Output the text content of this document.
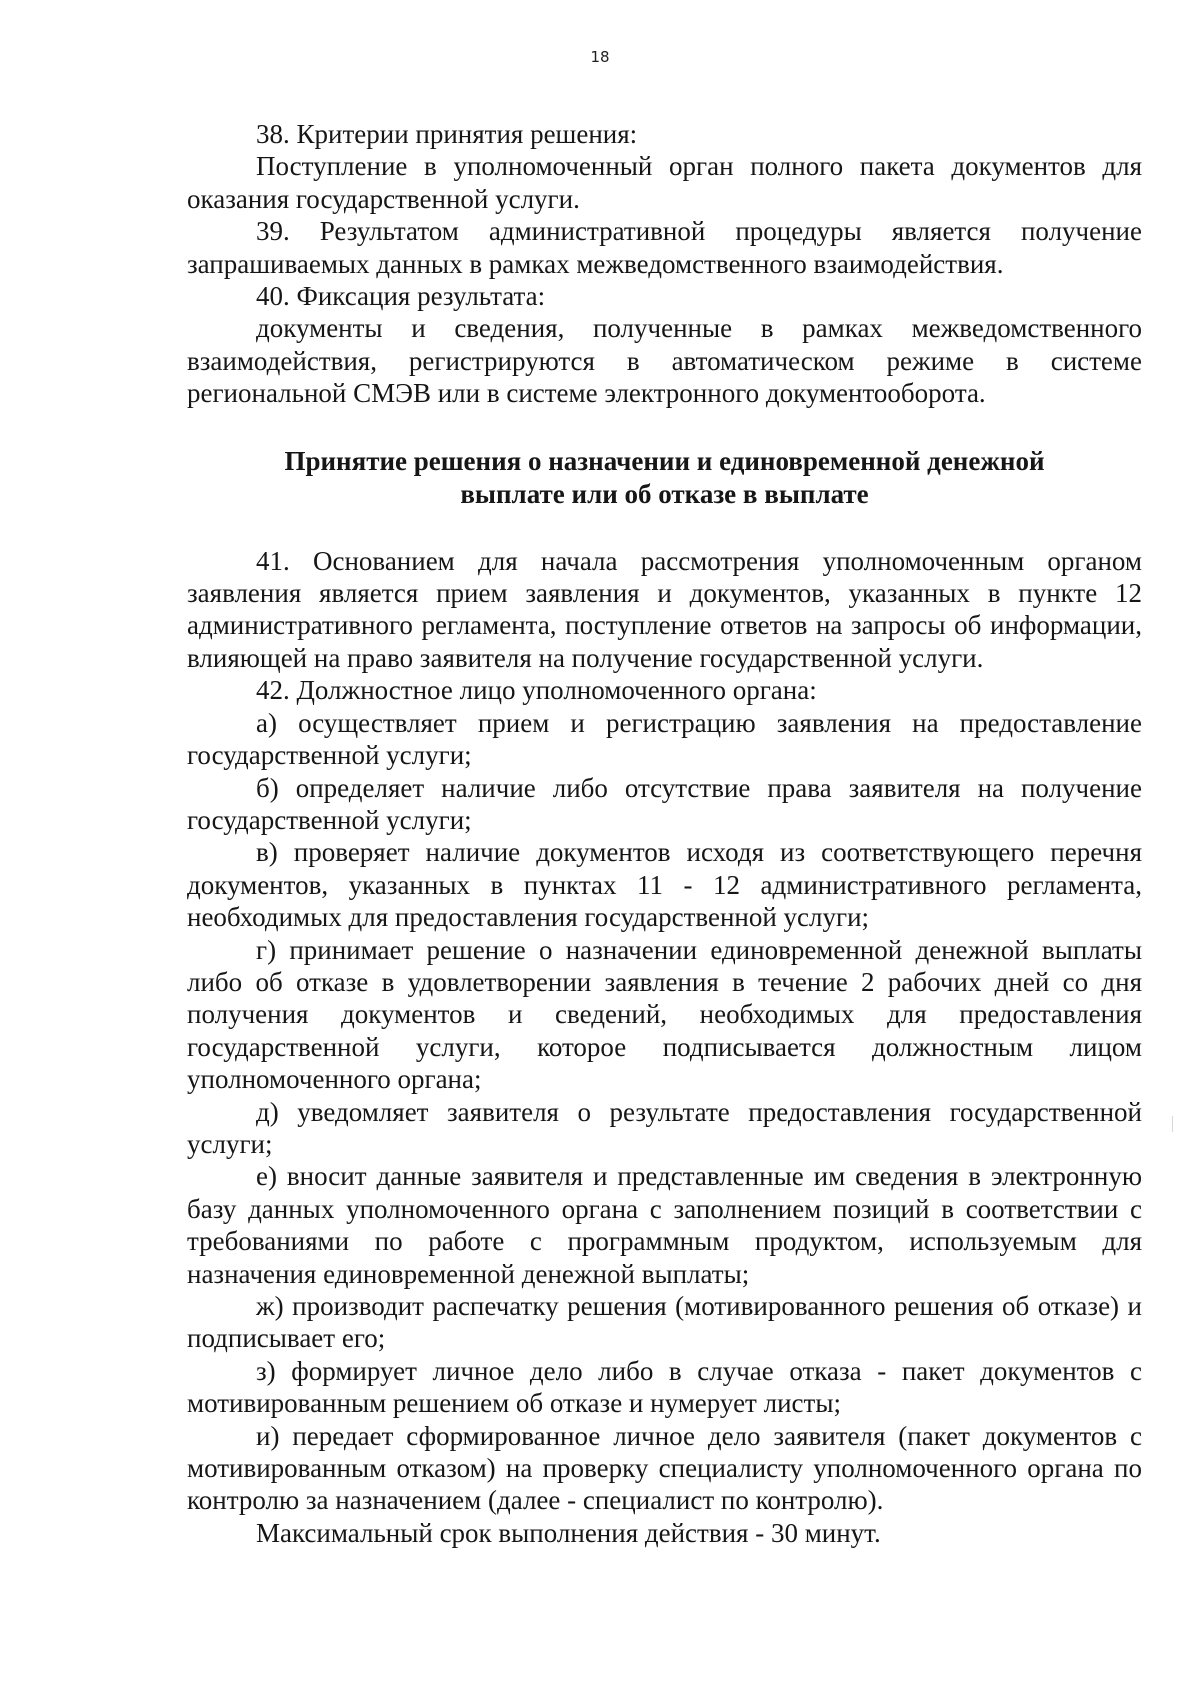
18

38. Критерии принятия решения:

Поступление в уполномоченный орган полного пакета документов для оказания государственной услуги.

39. Результатом административной процедуры является получение запрашиваемых данных в рамках межведомственного взаимодействия.

40. Фиксация результата:

документы и сведения, полученные в рамках межведомственного взаимодействия, регистрируются в автоматическом режиме в системе региональной СМЭВ или в системе электронного документооборота.

Принятие решения о назначении и единовременной денежной
выплате или об отказе в выплате

41. Основанием для начала рассмотрения уполномоченным органом заявления является прием заявления и документов, указанных в пункте 12 административного регламента, поступление ответов на запросы об информации, влияющей на право заявителя на получение государственной услуги.

42. Должностное лицо уполномоченного органа:

а) осуществляет прием и регистрацию заявления на предоставление государственной услуги;

б) определяет наличие либо отсутствие права заявителя на получение государственной услуги;

в) проверяет наличие документов исходя из соответствующего перечня документов, указанных в пунктах 11 - 12 административного регламента, необходимых для предоставления государственной услуги;

г) принимает решение о назначении единовременной денежной выплаты либо об отказе в удовлетворении заявления в течение 2 рабочих дней со дня получения документов и сведений, необходимых для предоставления государственной услуги, которое подписывается должностным лицом уполномоченного органа;

д) уведомляет заявителя о результате предоставления государственной услуги;

е) вносит данные заявителя и представленные им сведения в электронную базу данных уполномоченного органа с заполнением позиций в соответствии с требованиями по работе с программным продуктом, используемым для назначения единовременной денежной выплаты;

ж) производит распечатку решения (мотивированного решения об отказе) и подписывает его;

з) формирует личное дело либо в случае отказа - пакет документов с мотивированным решением об отказе и нумерует листы;

и) передает сформированное личное дело заявителя (пакет документов с мотивированным отказом) на проверку специалисту уполномоченного органа по контролю за назначением (далее - специалист по контролю).

Максимальный срок выполнения действия - 30 минут.
